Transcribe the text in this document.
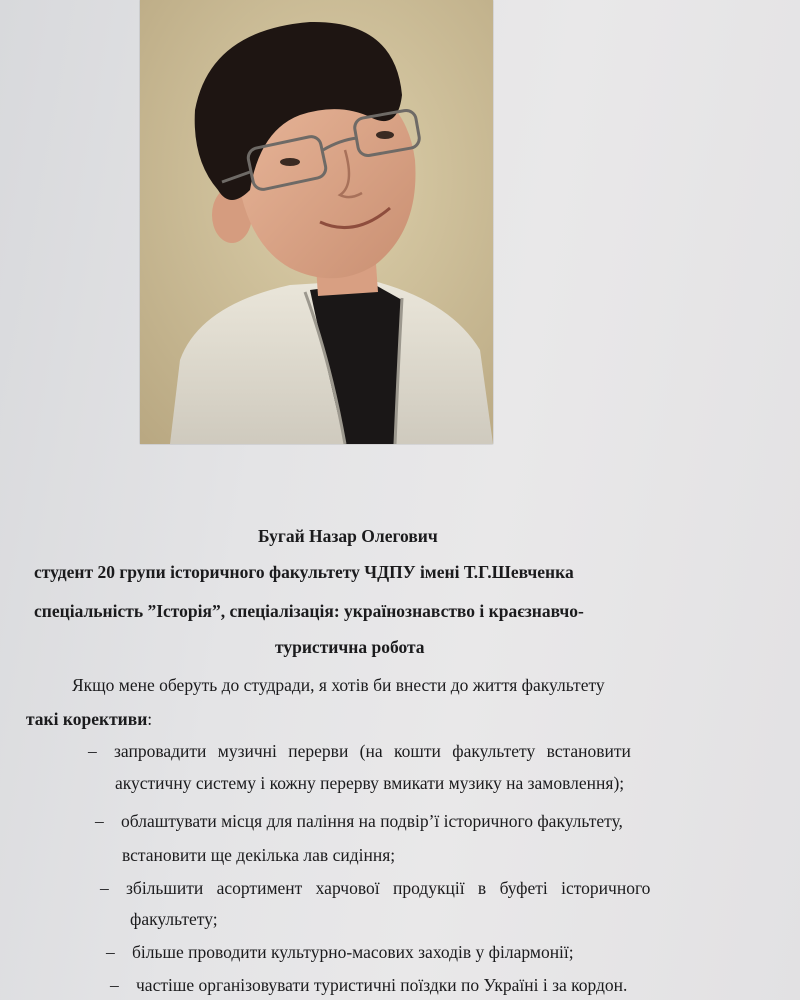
Бугай Назар Олегович
студент 20 групи історичного факультету ЧДПУ імені Т.Г.Шевченка
спеціальність ”Історія”, спеціалізація: українознавство і краєзнавчо-
туристична робота
Якщо мене оберуть до студради, я хотів би внести до життя факультету
такі корективи:
– запровадити музичні перерви (на кошти факультету встановити
акустичну систему і кожну перерву вмикати музику на замовлення);
– облаштувати місця для паління на подвір’ї історичного факультету,
встановити ще декілька лав сидіння;
– збільшити асортимент харчової продукції в буфеті історичного
факультету;
– більше проводити культурно-масових заходів у філармонії;
– частіше організовувати туристичні поїздки по Україні і за кордон.
